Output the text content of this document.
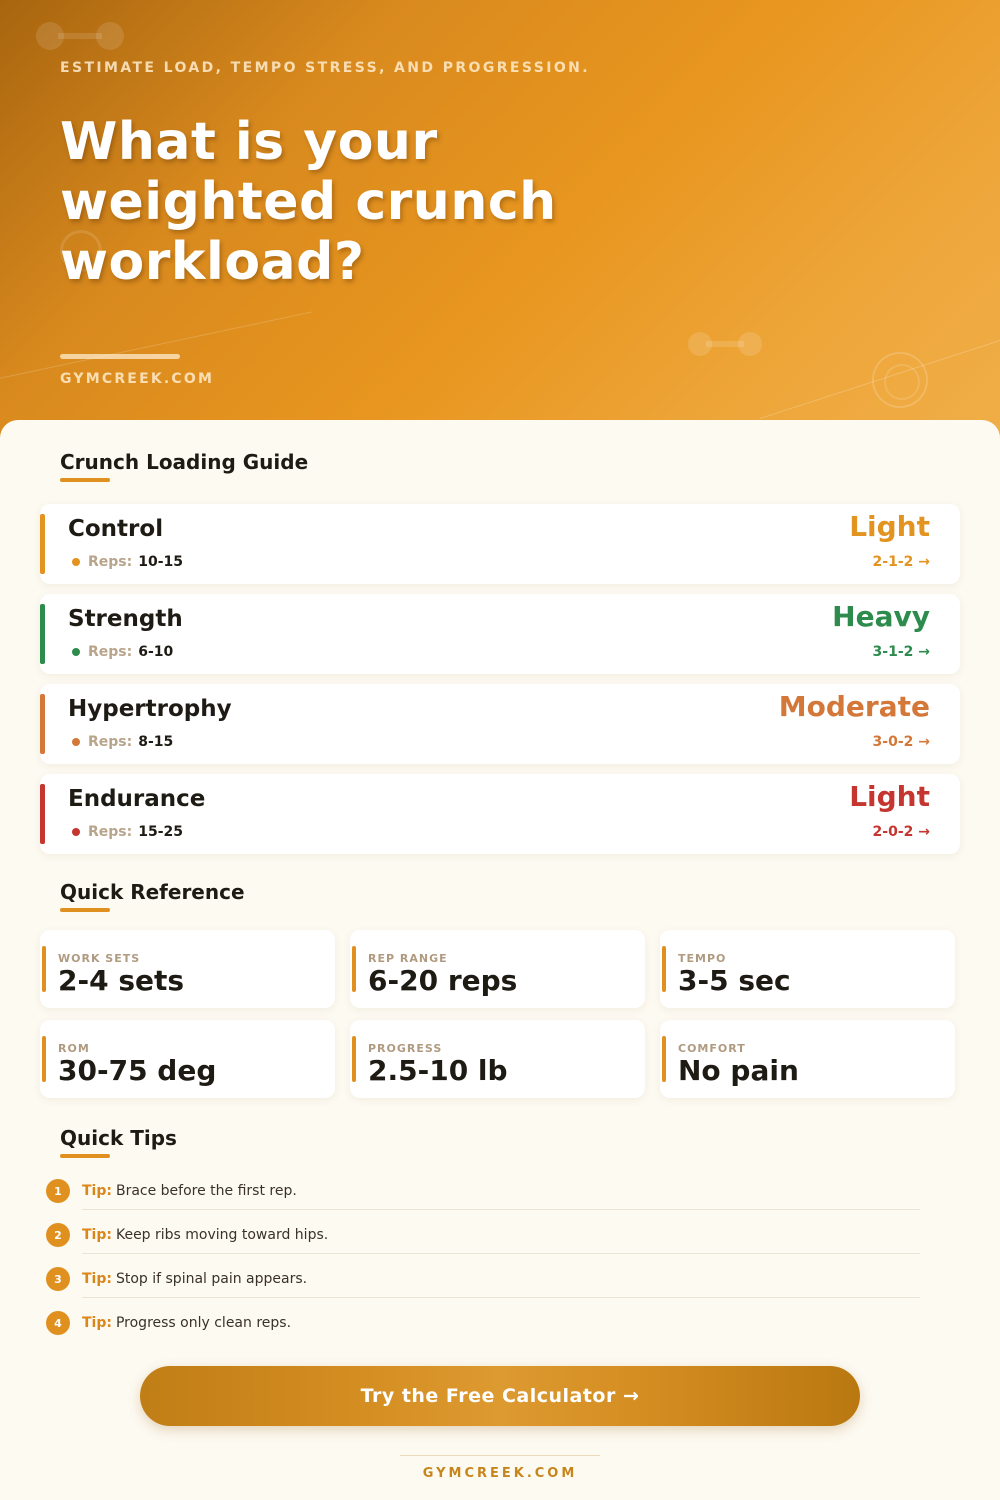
ESTIMATE LOAD, TEMPO STRESS, AND PROGRESSION.

What is your weighted crunch workload?

GYMCREEK.COM

Crunch Loading Guide
Control
Reps: 10-15
Light
2-1-2 →
Strength
Reps: 6-10
Heavy
3-1-2 →
Hypertrophy
Reps: 8-15
Moderate
3-0-2 →
Endurance
Reps: 15-25
Light
2-0-2 →
Quick Reference
WORK SETS
2-4 sets
REP RANGE
6-20 reps
TEMPO
3-5 sec
ROM
30-75 deg
PROGRESS
2.5-10 lb
COMFORT
No pain
Quick Tips
1	Tip: Brace before the first rep.
2	Tip: Keep ribs moving toward hips.
3	Tip: Stop if spinal pain appears.
4	Tip: Progress only clean reps.
Try the Free Calculator →

GYMCREEK.COM
